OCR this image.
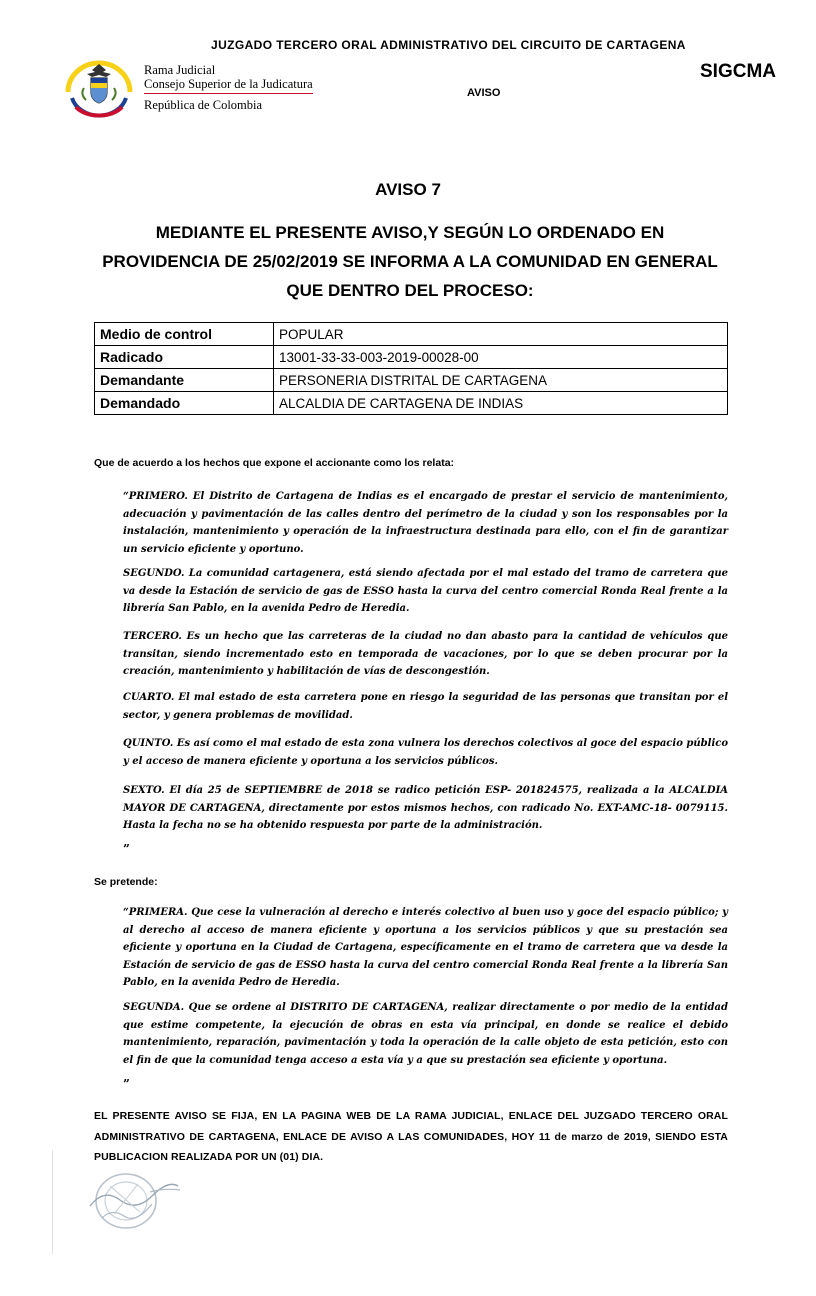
JUZGADO TERCERO ORAL ADMINISTRATIVO DEL CIRCUITO DE CARTAGENA
SIGCMA
AVISO
Rama Judicial
Consejo Superior de la Judicatura
República de Colombia
AVISO 7
MEDIANTE EL PRESENTE AVISO,Y SEGÚN LO ORDENADO EN PROVIDENCIA DE 25/02/2019 SE INFORMA A LA COMUNIDAD EN GENERAL QUE DENTRO DEL PROCESO:
Medio de control	POPULAR
Radicado	13001-33-33-003-2019-00028-00
Demandante	PERSONERIA DISTRITAL DE CARTAGENA
Demandado	ALCALDIA DE CARTAGENA DE INDIAS
Que de acuerdo a los hechos que expone el accionante como los relata:

“PRIMERO. El Distrito de Cartagena de Indias es el encargado de prestar el servicio de mantenimiento, adecuación y pavimentación de las calles dentro del perímetro de la ciudad y son los responsables por la instalación, mantenimiento y operación de la infraestructura destinada para ello, con el fin de garantizar un servicio eficiente y oportuno.

SEGUNDO. La comunidad cartagenera, está siendo afectada por el mal estado del tramo de carretera que va desde la Estación de servicio de gas de ESSO hasta la curva del centro comercial Ronda Real frente a la librería San Pablo, en la avenida Pedro de Heredia.

TERCERO. Es un hecho que las carreteras de la ciudad no dan abasto para la cantidad de vehículos que transitan, siendo incrementado esto en temporada de vacaciones, por lo que se deben procurar por la creación, mantenimiento y habilitación de vías de descongestión.

CUARTO. El mal estado de esta carretera pone en riesgo la seguridad de las personas que transitan por el sector, y genera problemas de movilidad.

QUINTO. Es así como el mal estado de esta zona vulnera los derechos colectivos al goce del espacio público y el acceso de manera eficiente y oportuna a los servicios públicos.

SEXTO. El día 25 de SEPTIEMBRE de 2018 se radico petición ESP- 201824575, realizada a la ALCALDIA MAYOR DE CARTAGENA, directamente por estos mismos hechos, con radicado No. EXT-AMC-18- 0079115. Hasta la fecha no se ha obtenido respuesta por parte de la administración.

”
Se pretende:

“PRIMERA. Que cese la vulneración al derecho e interés colectivo al buen uso y goce del espacio público; y al derecho al acceso de manera eficiente y oportuna a los servicios públicos y que su prestación sea eficiente y oportuna en la Ciudad de Cartagena, específicamente en el tramo de carretera que va desde la Estación de servicio de gas de ESSO hasta la curva del centro comercial Ronda Real frente a la librería San Pablo, en la avenida Pedro de Heredia.

SEGUNDA. Que se ordene al DISTRITO DE CARTAGENA, realizar directamente o por medio de la entidad que estime competente, la ejecución de obras en esta vía principal, en donde se realice el debido mantenimiento, reparación, pavimentación y toda la operación de la calle objeto de esta petición, esto con el fin de que la comunidad tenga acceso a esta vía y a que su prestación sea eficiente y oportuna.

”
EL PRESENTE AVISO SE FIJA, EN LA PAGINA WEB DE LA RAMA JUDICIAL, ENLACE DEL JUZGADO TERCERO ORAL ADMINISTRATIVO DE CARTAGENA, ENLACE DE AVISO A LAS COMUNIDADES, HOY 11 de marzo de 2019, SIENDO ESTA PUBLICACION REALIZADA POR UN (01) DIA.
